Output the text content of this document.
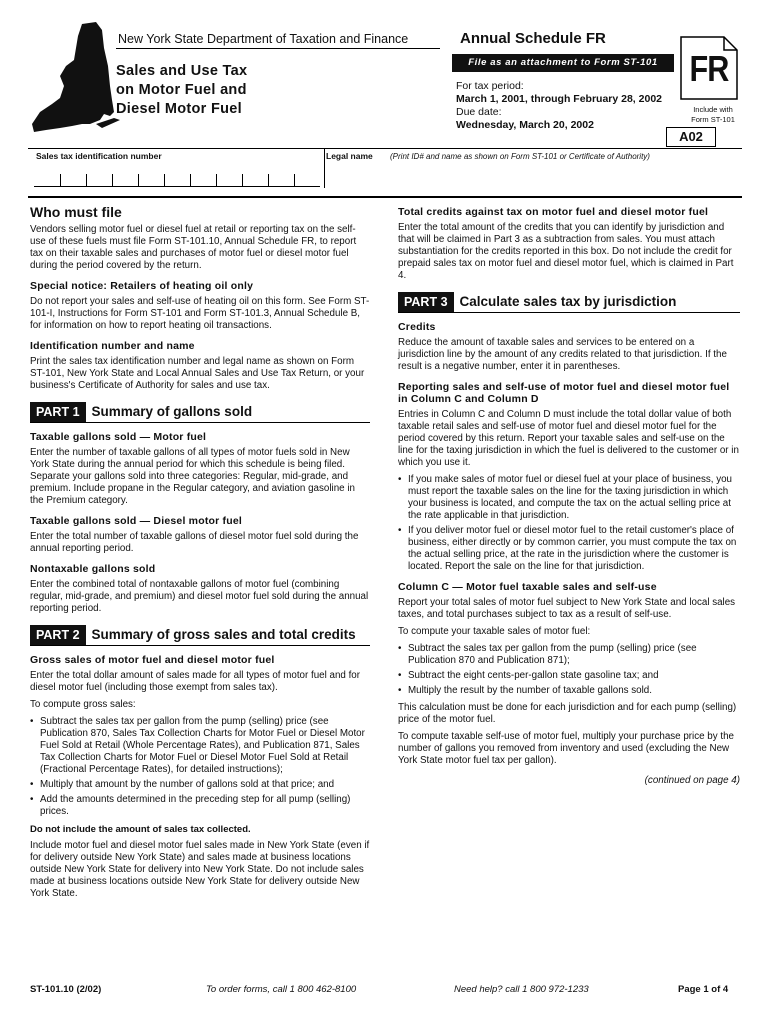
New York State Department of Taxation and Finance	Annual Schedule FR
File as an attachment to Form ST-101
Sales and Use Tax
on Motor Fuel and
Diesel Motor Fuel
For tax period:
March 1, 2001, through February 28, 2002
Due date:
Wednesday, March 20, 2002
FR
Include with
Form ST-101
A02
Sales tax identification number	Legal name (Print ID# and name as shown on Form ST-101 or Certificate of Authority)
Who must file

Vendors selling motor fuel or diesel fuel at retail or reporting tax on the self-use of these fuels must file Form ST-101.10, Annual Schedule FR, to report tax on their taxable sales and purchases of motor fuel or diesel motor fuel during the period covered by the return.

Special notice: Retailers of heating oil only

Do not report your sales and self-use of heating oil on this form. See Form ST-101-I, Instructions for Form ST-101 and Form ST-101.3, Annual Schedule B, for information on how to report heating oil transactions.

Identification number and name

Print the sales tax identification number and legal name as shown on Form ST-101, New York State and Local Annual Sales and Use Tax Return, or your business's Certificate of Authority for sales and use tax.

PART 1 Summary of gallons sold
Taxable gallons sold — Motor fuel

Enter the number of taxable gallons of all types of motor fuels sold in New York State during the annual period for which this schedule is being filed. Separate your gallons sold into three categories: Regular, mid-grade, and premium. Include propane in the Regular category, and aviation gasoline in the Premium category.

Taxable gallons sold — Diesel motor fuel

Enter the total number of taxable gallons of diesel motor fuel sold during the annual reporting period.

Nontaxable gallons sold

Enter the combined total of nontaxable gallons of motor fuel (combining regular, mid-grade, and premium) and diesel motor fuel sold during the annual reporting period.

PART 2 Summary of gross sales and total credits
Gross sales of motor fuel and diesel motor fuel

Enter the total dollar amount of sales made for all types of motor fuel and for diesel motor fuel (including those exempt from sales tax).

To compute gross sales:

• Subtract the sales tax per gallon from the pump (selling) price (see Publication 870, Sales Tax Collection Charts for Motor Fuel or Diesel Motor Fuel Sold at Retail (Whole Percentage Rates), and Publication 871, Sales Tax Collection Charts for Motor Fuel or Diesel Motor Fuel Sold at Retail (Fractional Percentage Rates), for detailed instructions);
• Multiply that amount by the number of gallons sold at that price; and
• Add the amounts determined in the preceding step for all pump (selling) prices.
Do not include the amount of sales tax collected.

Include motor fuel and diesel motor fuel sales made in New York State (even if for delivery outside New York State) and sales made at business locations outside New York State for delivery into New York State. Do not include sales made at business locations outside New York State for delivery outside New York State.

Total credits against tax on motor fuel and diesel motor fuel

Enter the total amount of the credits that you can identify by jurisdiction and that will be claimed in Part 3 as a subtraction from sales. You must attach substantiation for the credits reported in this box. Do not include the credit for prepaid sales tax on motor fuel and diesel motor fuel, which is claimed in Part 4.

PART 3 Calculate sales tax by jurisdiction
Credits

Reduce the amount of taxable sales and services to be entered on a jurisdiction line by the amount of any credits related to that jurisdiction. If the result is a negative number, enter it in parentheses.

Reporting sales and self-use of motor fuel and diesel motor fuel in Column C and Column D

Entries in Column C and Column D must include the total dollar value of both taxable retail sales and self-use of motor fuel and diesel motor fuel for the period covered by this return. Report your taxable sales and self-use on the line for the taxing jurisdiction in which the fuel is delivered to the customer or in which you use it.

• If you make sales of motor fuel or diesel fuel at your place of business, you must report the taxable sales on the line for the taxing jurisdiction in which your business is located, and compute the tax on the actual selling price at the rate applicable in that jurisdiction.
• If you deliver motor fuel or diesel motor fuel to the retail customer's place of business, either directly or by common carrier, you must compute the tax on the actual selling price, at the rate in the jurisdiction where the customer is located. Report the sale on the line for that jurisdiction.
Column C — Motor fuel taxable sales and self-use

Report your total sales of motor fuel subject to New York State and local sales taxes, and total purchases subject to tax as a result of self-use.

To compute your taxable sales of motor fuel:

• Subtract the sales tax per gallon from the pump (selling) price (see Publication 870 and Publication 871);
• Subtract the eight cents-per-gallon state gasoline tax; and
• Multiply the result by the number of taxable gallons sold.

This calculation must be done for each jurisdiction and for each pump (selling) price of the motor fuel.

To compute taxable self-use of motor fuel, multiply your purchase price by the number of gallons you removed from inventory and used (excluding the New York State motor fuel tax per gallon).

(continued on page 4)
ST-101.10 (2/02)	To order forms, call 1 800 462-8100	Need help? call 1 800 972-1233	Page 1 of 4
